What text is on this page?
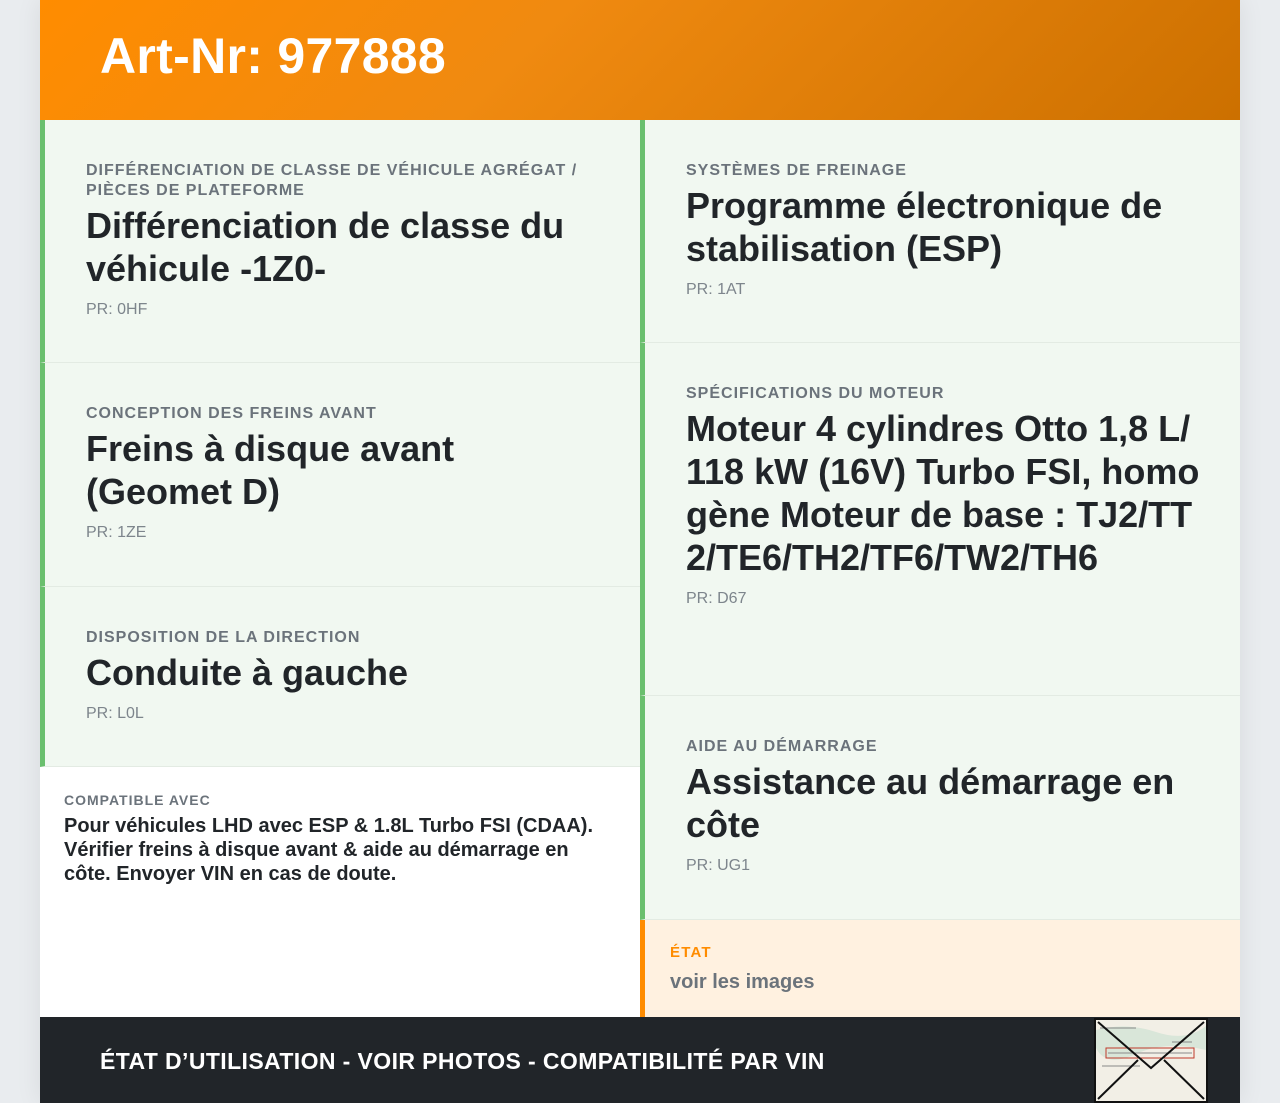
Art-Nr: 977888
DIFFÉRENCIATION DE CLASSE DE VÉHICULE AGRÉGAT / PIÈCES DE PLATEFORME
Différenciation de classe du véhicule -1Z0-
PR: 0HF
CONCEPTION DES FREINS AVANT
Freins à disque avant (Geomet D)
PR: 1ZE
DISPOSITION DE LA DIRECTION
Conduite à gauche
PR: L0L
SYSTÈMES DE FREINAGE
Programme électronique de stabilisation (ESP)
PR: 1AT
SPÉCIFICATIONS DU MOTEUR
Moteur 4 cylindres Otto 1,8 L/118 kW (16V) Turbo FSI, homogène Moteur de base : TJ2/TT2/TE6/TH2/TF6/TW2/TH6
PR: D67
AIDE AU DÉMARRAGE
Assistance au démarrage en côte
PR: UG1
COMPATIBLE AVEC
Pour véhicules LHD avec ESP & 1.8L Turbo FSI (CDAA). Vérifier freins à disque avant & aide au démarrage en côte. Envoyer VIN en cas de doute.
ÉTAT
voir les images
ÉTAT D’UTILISATION - VOIR PHOTOS - COMPATIBILITÉ PAR VIN
